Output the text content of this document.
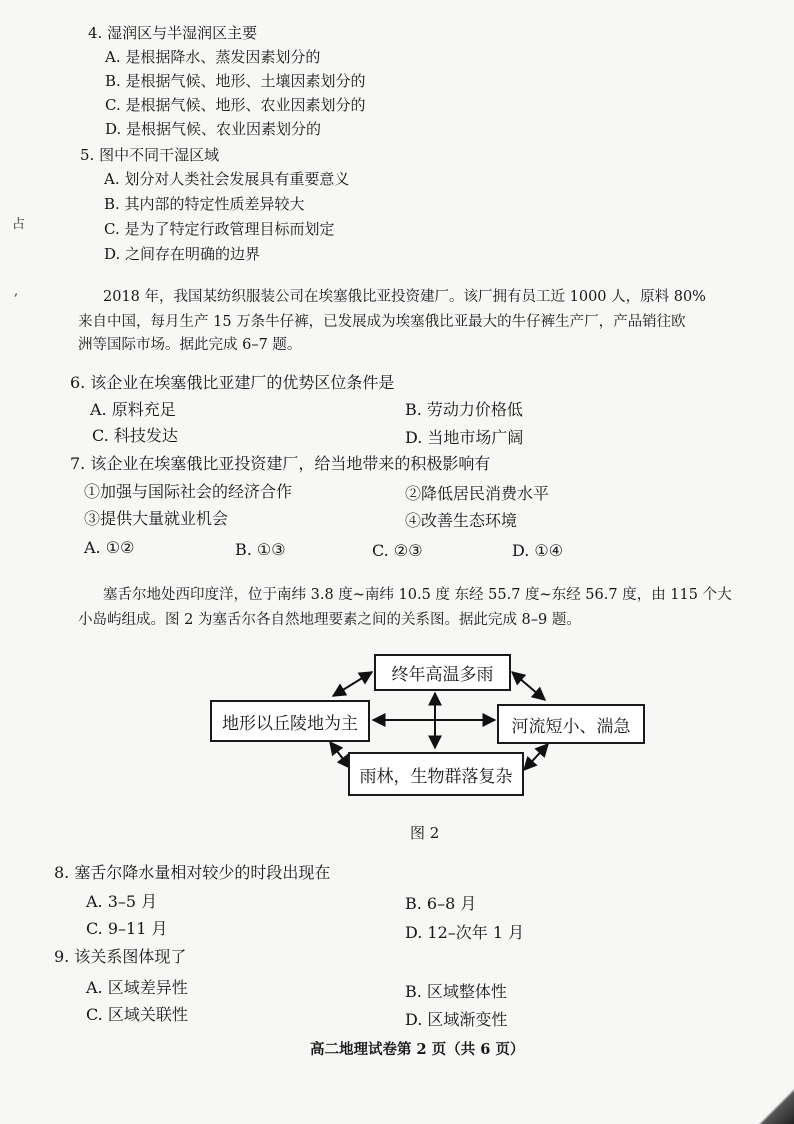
4. 湿润区与半湿润区主要
A. 是根据降水、蒸发因素划分的
B. 是根据气候、地形、土壤因素划分的
C. 是根据气候、地形、农业因素划分的
D. 是根据气候、农业因素划分的
5. 图中不同干湿区域
A. 划分对人类社会发展具有重要意义
B. 其内部的特定性质差异较大
C. 是为了特定行政管理目标而划定
D. 之间存在明确的边界
占
,	2018 年，我国某纺织服装公司在埃塞俄比亚投资建厂。该厂拥有员工近 1000 人，原料 80%
来自中国，每月生产 15 万条牛仔裤，已发展成为埃塞俄比亚最大的牛仔裤生产厂，产品销往欧
洲等国际市场。据此完成 6–7 题。
6. 该企业在埃塞俄比亚建厂的优势区位条件是
A. 原料充足	B. 劳动力价格低
C. 科技发达	D. 当地市场广阔
7. 该企业在埃塞俄比亚投资建厂，给当地带来的积极影响有
①加强与国际社会的经济合作	②降低居民消费水平
③提供大量就业机会	④改善生态环境
A. ①②	B. ①③	C. ②③	D. ①④
塞舌尔地处西印度洋，位于南纬 3.8 度~南纬 10.5 度 东经 55.7 度~东经 56.7 度，由 115 个大
小岛屿组成。图 2 为塞舌尔各自然地理要素之间的关系图。据此完成 8–9 题。
终年高温多雨
地形以丘陵地为主	河流短小、湍急
雨林，生物群落复杂
图 2
8. 塞舌尔降水量相对较少的时段出现在
A. 3–5 月	B. 6–8 月
C. 9–11 月	D. 12–次年 1 月
9. 该关系图体现了
A. 区域差异性	B. 区域整体性
C. 区域关联性	D. 区域渐变性
高二地理试卷第 2 页（共 6 页）
